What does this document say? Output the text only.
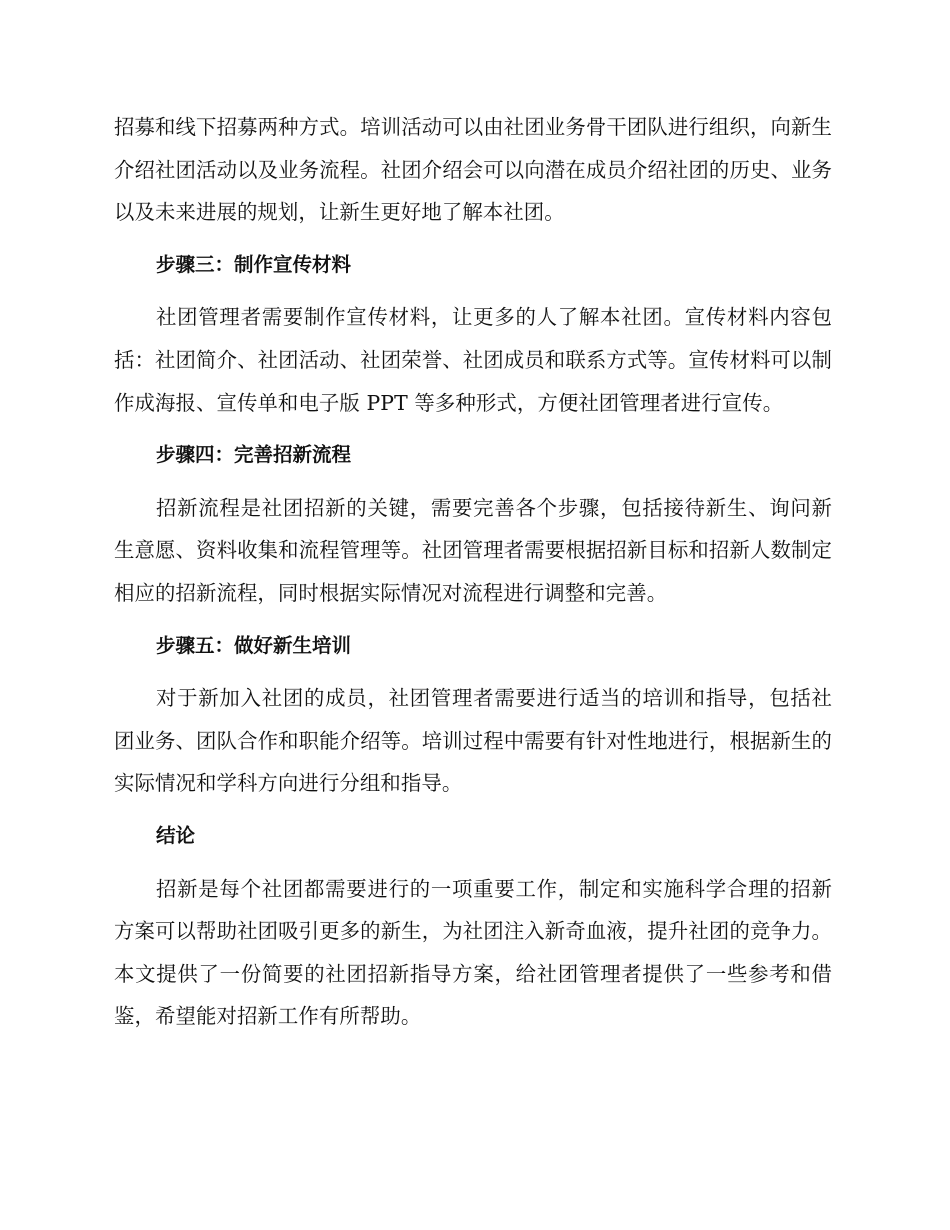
招募和线下招募两种方式。培训活动可以由社团业务骨干团队进行组织，向新生介绍社团活动以及业务流程。社团介绍会可以向潜在成员介绍社团的历史、业务以及未来进展的规划，让新生更好地了解本社团。

步骤三：制作宣传材料

社团管理者需要制作宣传材料，让更多的人了解本社团。宣传材料内容包括：社团简介、社团活动、社团荣誉、社团成员和联系方式等。宣传材料可以制作成海报、宣传单和电子版 PPT 等多种形式，方便社团管理者进行宣传。

步骤四：完善招新流程

招新流程是社团招新的关键，需要完善各个步骤，包括接待新生、询问新生意愿、资料收集和流程管理等。社团管理者需要根据招新目标和招新人数制定相应的招新流程，同时根据实际情况对流程进行调整和完善。

步骤五：做好新生培训

对于新加入社团的成员，社团管理者需要进行适当的培训和指导，包括社团业务、团队合作和职能介绍等。培训过程中需要有针对性地进行，根据新生的实际情况和学科方向进行分组和指导。

结论

招新是每个社团都需要进行的一项重要工作，制定和实施科学合理的招新方案可以帮助社团吸引更多的新生，为社团注入新奇血液，提升社团的竞争力。本文提供了一份简要的社团招新指导方案，给社团管理者提供了一些参考和借鉴，希望能对招新工作有所帮助。
